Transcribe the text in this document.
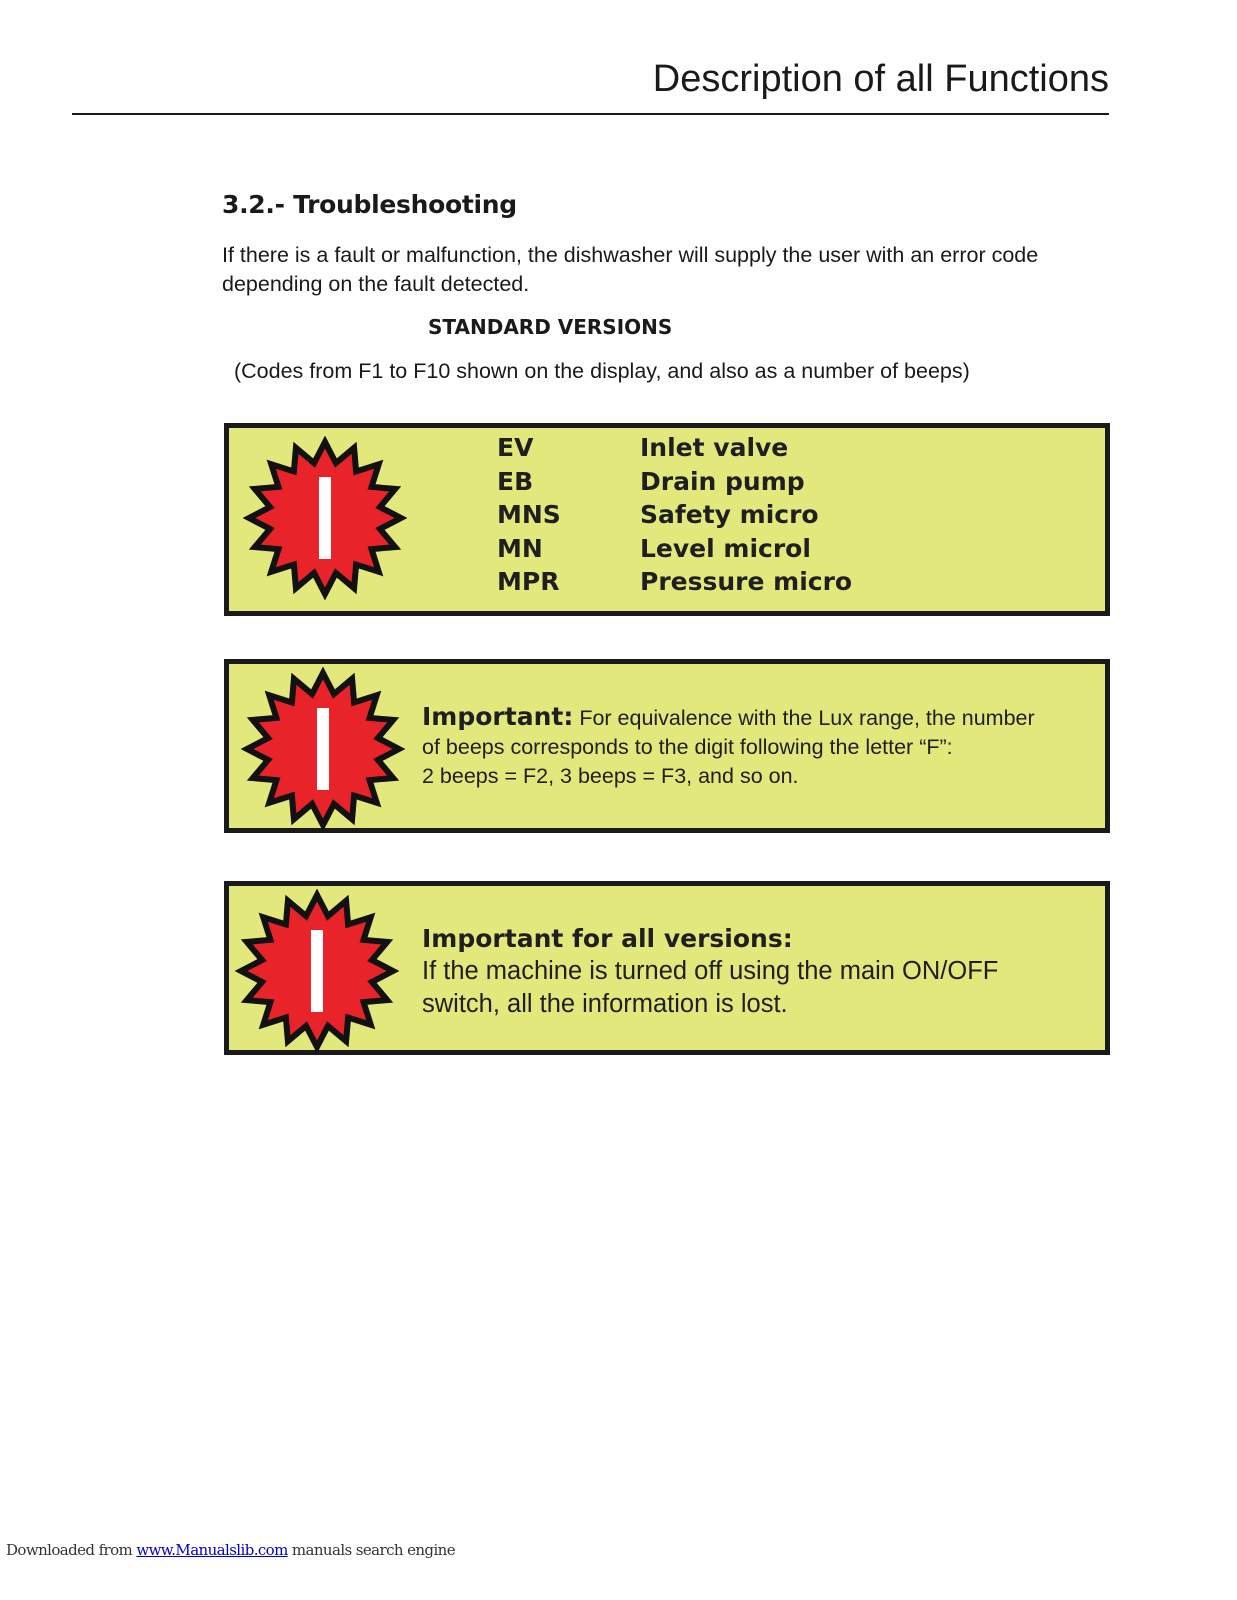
Description of all Functions
3.2.- Troubleshooting
If there is a fault or malfunction, the dishwasher will supply the user with an error code
depending on the fault detected.
STANDARD VERSIONS
(Codes from F1 to F10 shown on the display, and also as a number of beeps)
EV	Inlet valve
EB	Drain pump
MNS	Safety micro
MN	Level microl
MPR	Pressure micro
Important: For equivalence with the Lux range, the number
of beeps corresponds to the digit following the letter “F”:
2 beeps = F2, 3 beeps = F3, and so on.
Important for all versions:
If the machine is turned off using the main ON/OFF
switch, all the information is lost.
Downloaded from www.Manualslib.com manuals search engine
